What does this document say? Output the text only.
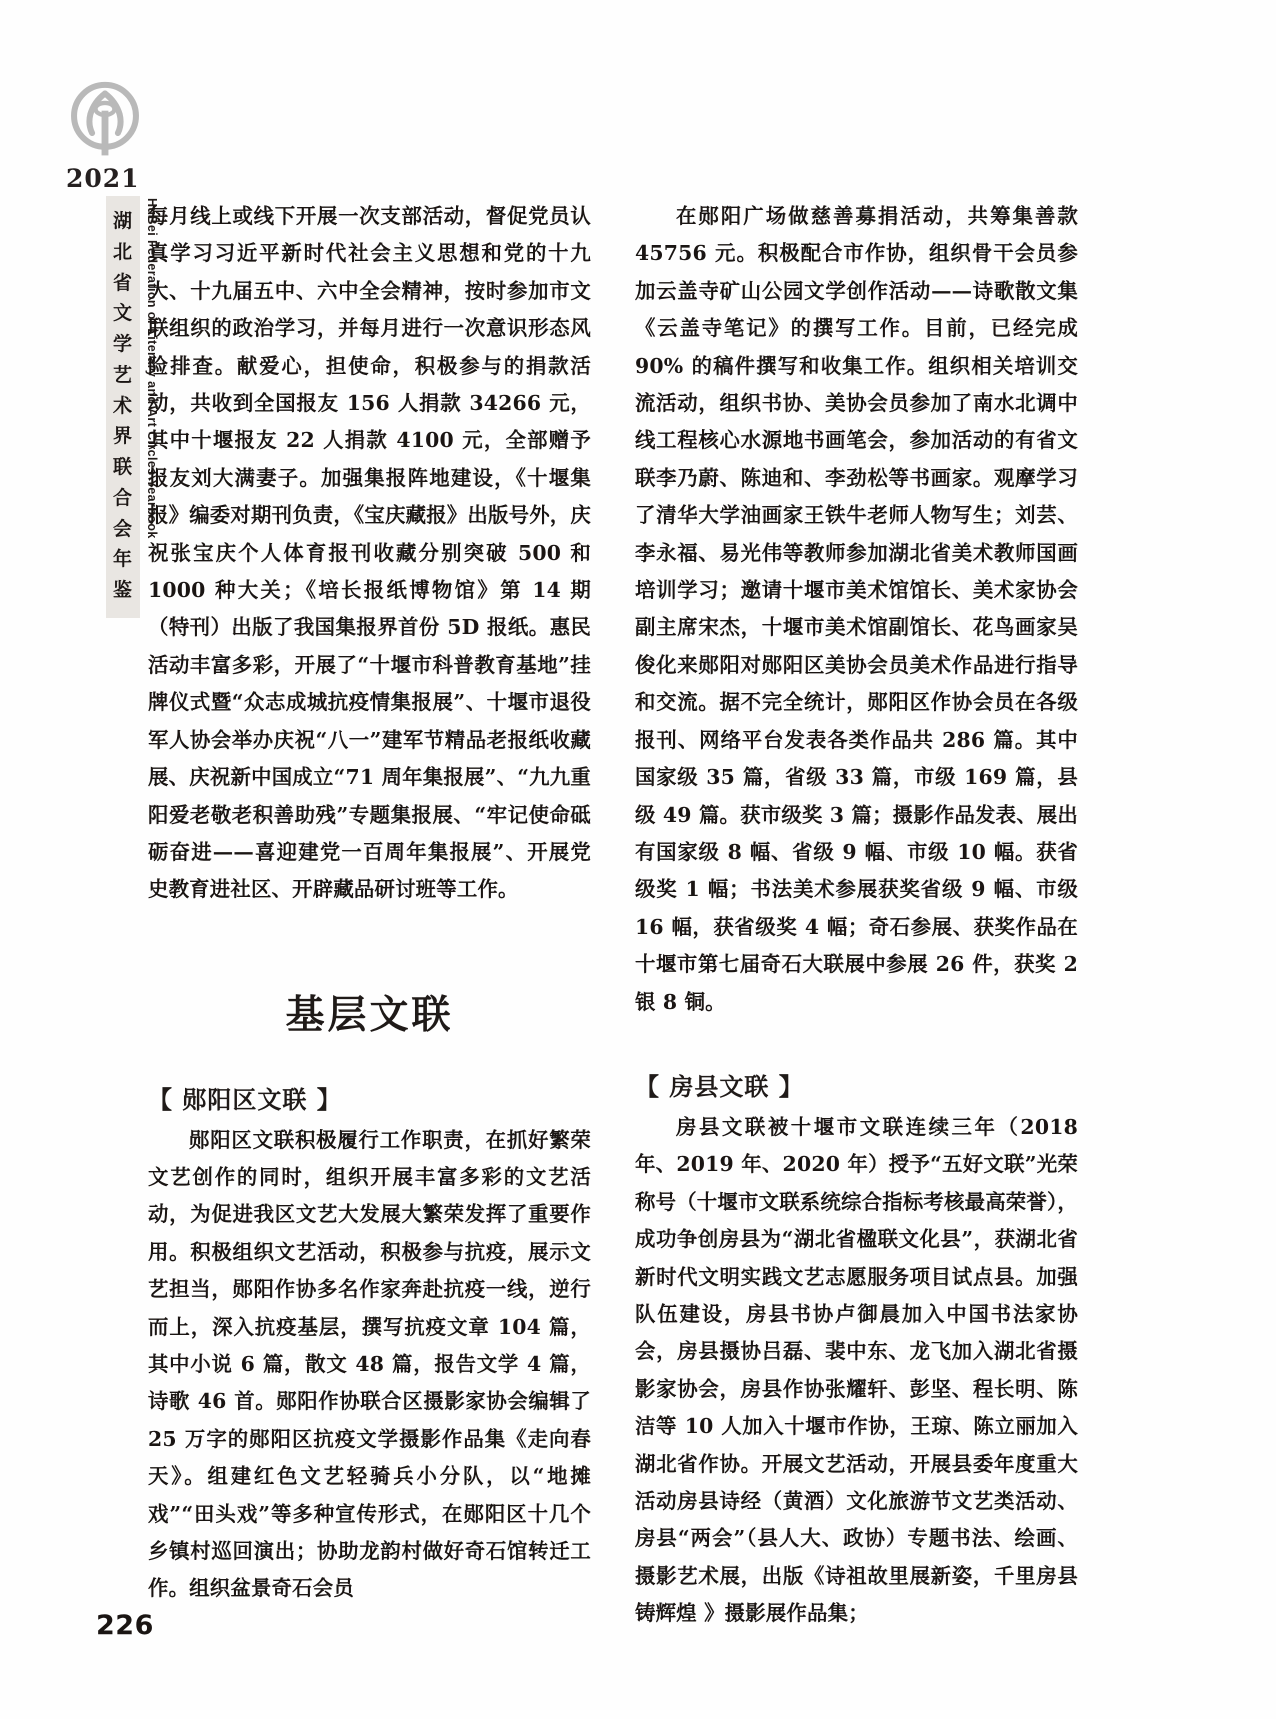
2021
HuBei Federation of Literary and Art Circles Yearbook
湖
北
省
文
学
艺
术
界
联
合
会
年
鉴

每月线上或线下开展一次支部活动，督促党员认真学习习近平新时代社会主义思想和党的十九大、十九届五中、六中全会精神，按时参加市文联组织的政治学习，并每月进行一次意识形态风险排查。献爱心，担使命，积极参与的捐款活动，共收到全国报友 156 人捐款 34266 元，其中十堰报友 22 人捐款 4100 元，全部赠予报友刘大满妻子。加强集报阵地建设，《十堰集报》编委对期刊负责，《宝庆藏报》出版号外，庆祝张宝庆个人体育报刊收藏分别突破 500 和 1000 种大关；《培长报纸博物馆》第 14 期（特刊）出版了我国集报界首份 5D 报纸。惠民活动丰富多彩，开展了“十堰市科普教育基地”挂牌仪式暨“众志成城抗疫情集报展”、十堰市退役军人协会举办庆祝“八一”建军节精品老报纸收藏展、庆祝新中国成立“71 周年集报展”、“九九重阳爱老敬老积善助残”专题集报展、“牢记使命砥砺奋进——喜迎建党一百周年集报展”、开展党史教育进社区、开辟藏品研讨班等工作。

基层文联
【 郧阳区文联 】

郧阳区文联积极履行工作职责，在抓好繁荣文艺创作的同时，组织开展丰富多彩的文艺活动，为促进我区文艺大发展大繁荣发挥了重要作用。积极组织文艺活动，积极参与抗疫，展示文艺担当，郧阳作协多名作家奔赴抗疫一线，逆行而上，深入抗疫基层，撰写抗疫文章 104 篇，其中小说 6 篇，散文 48 篇，报告文学 4 篇，诗歌 46 首。郧阳作协联合区摄影家协会编辑了 25 万字的郧阳区抗疫文学摄影作品集《走向春天》。组建红色文艺轻骑兵小分队，以“地摊戏”“田头戏”等多种宣传形式，在郧阳区十几个乡镇村巡回演出；协助龙韵村做好奇石馆转迁工作。组织盆景奇石会员

在郧阳广场做慈善募捐活动，共筹集善款 45756 元。积极配合市作协，组织骨干会员参加云盖寺矿山公园文学创作活动——诗歌散文集《云盖寺笔记》的撰写工作。目前，已经完成 90% 的稿件撰写和收集工作。组织相关培训交流活动，组织书协、美协会员参加了南水北调中线工程核心水源地书画笔会，参加活动的有省文联李乃蔚、陈迪和、李劲松等书画家。观摩学习了清华大学油画家王铁牛老师人物写生；刘芸、李永福、易光伟等教师参加湖北省美术教师国画培训学习；邀请十堰市美术馆馆长、美术家协会副主席宋杰，十堰市美术馆副馆长、花鸟画家吴俊化来郧阳对郧阳区美协会员美术作品进行指导和交流。据不完全统计，郧阳区作协会员在各级报刊、网络平台发表各类作品共 286 篇。其中国家级 35 篇，省级 33 篇，市级 169 篇，县级 49 篇。获市级奖 3 篇；摄影作品发表、展出有国家级 8 幅、省级 9 幅、市级 10 幅。获省级奖 1 幅；书法美术参展获奖省级 9 幅、市级 16 幅，获省级奖 4 幅；奇石参展、获奖作品在十堰市第七届奇石大联展中参展 26 件，获奖 2 银 8 铜。

【 房县文联 】

房县文联被十堰市文联连续三年（2018 年、2019 年、2020 年）授予“五好文联”光荣称号（十堰市文联系统综合指标考核最高荣誉），成功争创房县为“湖北省楹联文化县”，获湖北省新时代文明实践文艺志愿服务项目试点县。加强队伍建设，房县书协卢御晨加入中国书法家协会，房县摄协吕磊、裴中东、龙飞加入湖北省摄影家协会，房县作协张耀轩、彭坚、程长明、陈洁等 10 人加入十堰市作协，王琼、陈立丽加入湖北省作协。开展文艺活动，开展县委年度重大活动房县诗经（黄酒）文化旅游节文艺类活动、房县“两会”（县人大、政协）专题书法、绘画、摄影艺术展，出版《诗祖故里展新姿，千里房县铸辉煌 》摄影展作品集；

226
